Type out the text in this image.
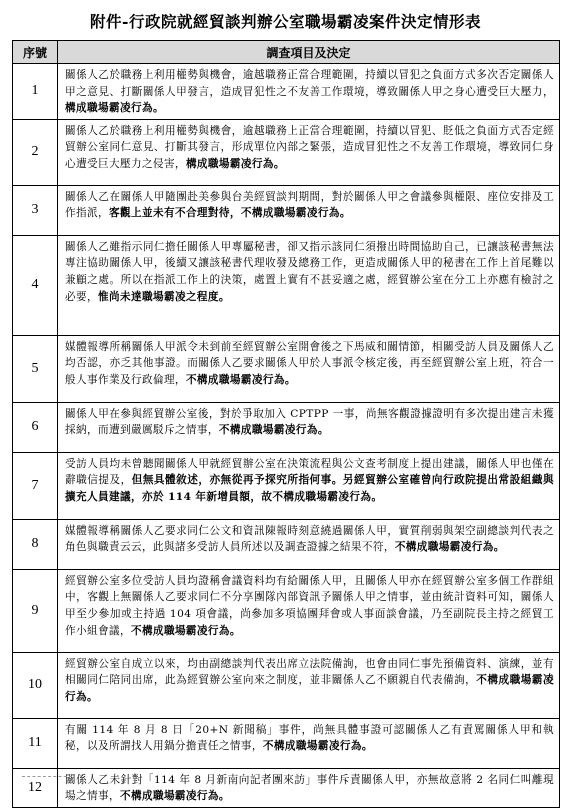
附件-行政院就經貿談判辦公室職場霸凌案件決定情形表
序號	調查項目及決定
1	關係人乙於職務上利用權勢與機會，逾越職務正當合理範圍，持續以冒犯之負面方式多次否定關係人甲之意見、打斷關係人甲發言，造成冒犯性之不友善工作環境，導致關係人甲之身心遭受巨大壓力，構成職場霸凌行為。
2	關係人乙於職務上利用權勢與機會，逾越職務上正當合理範圍，持續以冒犯、貶低之負面方式否定經貿辦公室同仁意見、打斷其發言，形成單位內部之緊張，造成冒犯性之不友善工作環境，導致同仁身心遭受巨大壓力之侵害，構成職場霸凌行為。
3	關係人乙在關係人甲隨團赴美參與台美經貿談判期間，對於關係人甲之會議參與權限、座位安排及工作指派，客觀上並未有不合理對待，不構成職場霸凌行為。
4	關係人乙雖指示同仁擔任關係人甲專屬秘書，卻又指示該同仁須撥出時間協助自己，已讓該秘書無法專注協助關係人甲，後續又讓該秘書代理收發及總務工作，更造成關係人甲的秘書在工作上首尾難以兼顧之處。所以在指派工作上的決策，處置上實有不甚妥適之處，經貿辦公室在分工上亦應有檢討之必要，惟尚未達職場霸凌之程度。
5	媒體報導所稱關係人甲派令未到前至經貿辦公室開會後之下馬威和關情節，相關受訪人員及關係人乙均否認，亦乏其他事證。而關係人乙要求關係人甲於人事派令核定後，再至經貿辦公室上班，符合一般人事作業及行政倫理，不構成職場霸凌行為。
6	關係人甲在參與經貿辦公室後，對於爭取加入 CPTPP 一事，尚無客觀證據證明有多次提出建言未獲採納，而遭到嚴厲駁斥之情事，不構成職場霸凌行為。
7	受訪人員均未曾聽聞關係人甲就經貿辦公室在決策流程與公文查考制度上提出建議，關係人甲也僅在辭職信提及，但無具體敘述，亦無從再予探究所指何事。另經貿辦公室確曾向行政院提出常設組織與擴充人員建議，亦於 114 年新增員額，故不構成職場霸凌行為。
8	媒體報導稱關係人乙要求同仁公文和資訊陳報時刻意繞過關係人甲，實質削弱與架空副總談判代表之角色與職責云云，此與諸多受訪人員所述以及調查證據之結果不符，不構成職場霸凌行為。
9	經貿辦公室多位受訪人員均證稱會議資料均有給關係人甲，且關係人甲亦在經貿辦公室多個工作群組中，客觀上無關係人乙要求同仁不分享團隊內部資訊予關係人甲之情事，並由統計資料可知，關係人甲至少參加或主持過 104 項會議，尚參加多項協團拜會或人事面談會議，乃至副院長主持之經貿工作小組會議，不構成職場霸凌行為。
10	經貿辦公室自成立以來，均由副總談判代表出席立法院備詢，也會由同仁事先預備資料、演練，並有相關同仁陪同出席，此為經貿辦公室向來之制度，並非關係人乙不願親自代表備詢，不構成職場霸凌行為。
11	有關 114 年 8 月 8 日「20+N 新聞稿」事件，尚無具體事證可認關係人乙有責罵關係人甲和執秘，以及所謂找人用鍋分擔責任之情事，不構成職場霸凌行為。
12	關係人乙未針對「114 年 8 月新南向記者團來訪」事件斥責關係人甲，亦無故意將 2 名同仁叫離現場之情事，不構成職場霸凌行為。
